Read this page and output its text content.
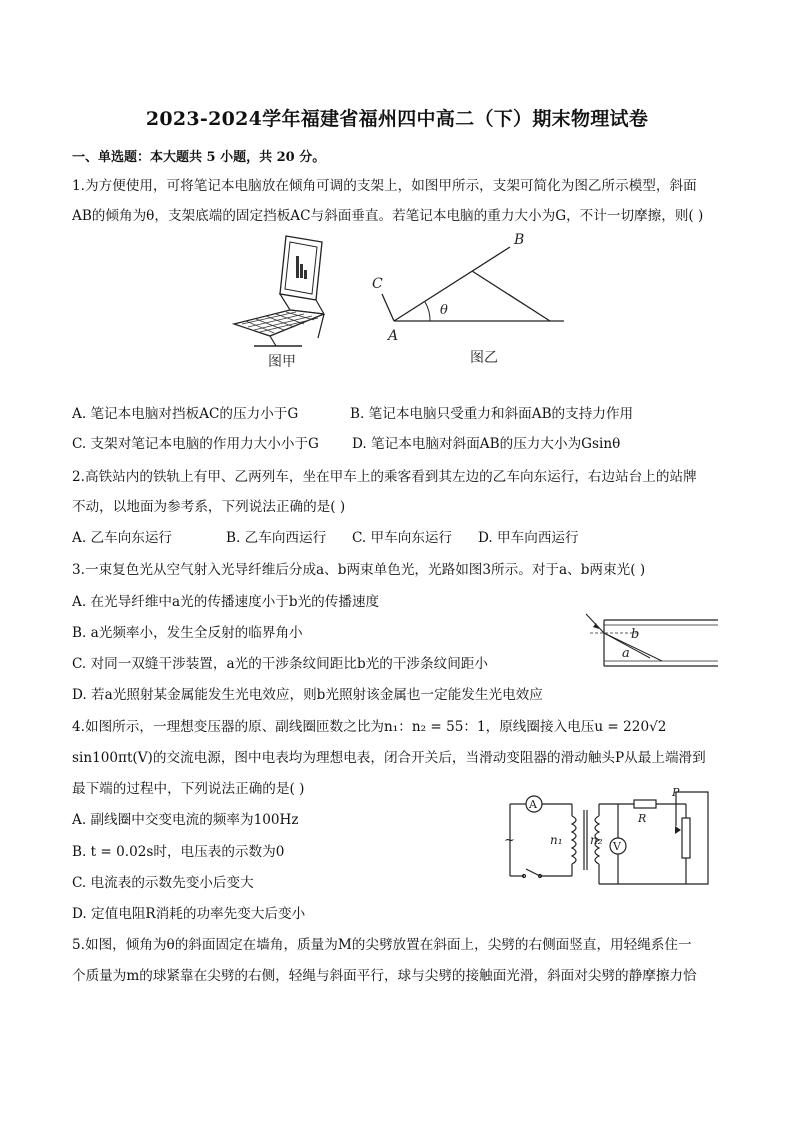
2023-2024学年福建省福州四中高二（下）期末物理试卷
一、单选题：本大题共 5 小题，共 20 分。
1.为方便使用，可将笔记本电脑放在倾角可调的支架上，如图甲所示，支架可简化为图乙所示模型，斜面
AB的倾角为θ，支架底端的固定挡板AC与斜面垂直。若笔记本电脑的重力大小为G，不计一切摩擦，则( )
图甲
θ
B
C
A
图乙
A. 笔记本电脑对挡板AC的压力小于G	B. 笔记本电脑只受重力和斜面AB的支持力作用
C. 支架对笔记本电脑的作用力大小小于G D. 笔记本电脑对斜面AB的压力大小为Gsinθ
2.高铁站内的铁轨上有甲、乙两列车，坐在甲车上的乘客看到其左边的乙车向东运行，右边站台上的站牌
不动，以地面为参考系，下列说法正确的是( )
A. 乙车向东运行	B. 乙车向西运行 C. 甲车向东运行 D. 甲车向西运行
3.一束复色光从空气射入光导纤维后分成a、b两束单色光，光路如图3所示。对于a、b两束光( )
A. 在光导纤维中a光的传播速度小于b光的传播速度
B. a光频率小，发生全反射的临界角小
C. 对同一双缝干涉装置，a光的干涉条纹间距比b光的干涉条纹间距小
D. 若a光照射某金属能发生光电效应，则b光照射该金属也一定能发生光电效应
b
a
4.如图所示，一理想变压器的原、副线圈匝数之比为n₁：n₂ = 55：1，原线圈接入电压u = 220√2
sin100πt(V)的交流电源，图中电表均为理想电表，闭合开关后，当滑动变阻器的滑动触头P从最上端滑到
最下端的过程中，下列说法正确的是( )
A. 副线圈中交变电流的频率为100Hz
B. t = 0.02s时，电压表的示数为0
C. 电流表的示数先变小后变大
D. 定值电阻R消耗的功率先变大后变小
A
V
R
P
n₁ n₂
~
5.如图，倾角为θ的斜面固定在墙角，质量为M的尖劈放置在斜面上，尖劈的右侧面竖直，用轻绳系住一
个质量为m的球紧靠在尖劈的右侧，轻绳与斜面平行，球与尖劈的接触面光滑，斜面对尖劈的静摩擦力恰
